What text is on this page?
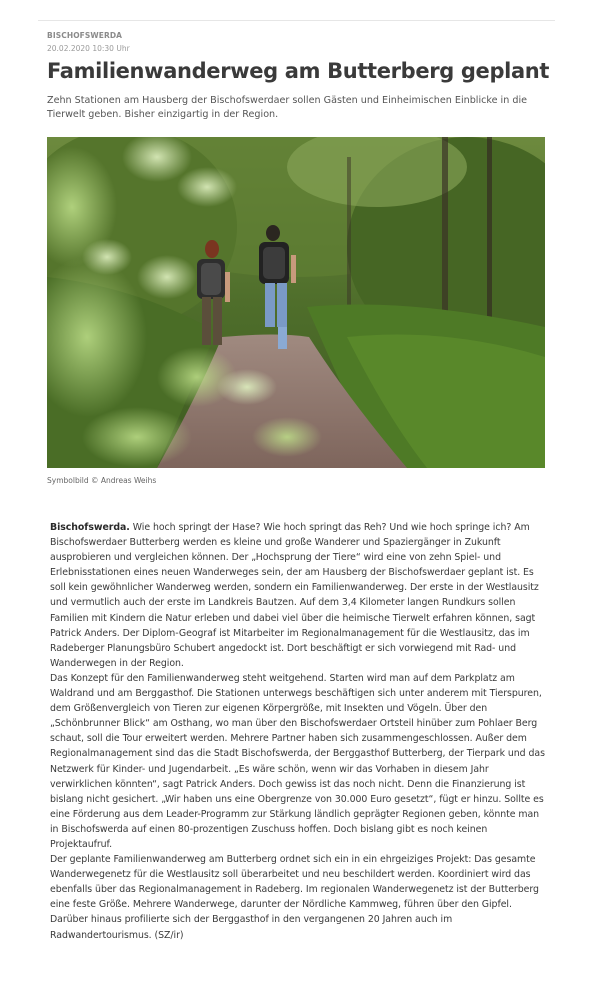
BISCHOFSWERDA
20.02.2020 10:30 Uhr
Familienwanderweg am Butterberg geplant
Zehn Stationen am Hausberg der Bischofswerdaer sollen Gästen und Einheimischen Einblicke in die Tierwelt geben. Bisher einzigartig in der Region.
Symbolbild © Andreas Weihs

Bischofswerda. Wie hoch springt der Hase? Wie hoch springt das Reh? Und wie hoch springe ich? Am Bischofswerdaer Butterberg werden es kleine und große Wanderer und Spaziergänger in Zukunft ausprobieren und vergleichen können. Der „Hochsprung der Tiere“ wird eine von zehn Spiel- und Erlebnisstationen eines neuen Wanderweges sein, der am Hausberg der Bischofswerdaer geplant ist. Es soll kein gewöhnlicher Wanderweg werden, sondern ein Familienwanderweg. Der erste in der Westlausitz und vermutlich auch der erste im Landkreis Bautzen. Auf dem 3,4 Kilometer langen Rundkurs sollen Familien mit Kindern die Natur erleben und dabei viel über die heimische Tierwelt erfahren können, sagt Patrick Anders. Der Diplom-Geograf ist Mitarbeiter im Regionalmanagement für die Westlausitz, das im Radeberger Planungsbüro Schubert angedockt ist. Dort beschäftigt er sich vorwiegend mit Rad- und Wanderwegen in der Region.

Das Konzept für den Familienwanderweg steht weitgehend. Starten wird man auf dem Parkplatz am Waldrand und am Berggasthof. Die Stationen unterwegs beschäftigen sich unter anderem mit Tierspuren, dem Größenvergleich von Tieren zur eigenen Körpergröße, mit Insekten und Vögeln. Über den „Schönbrunner Blick“ am Osthang, wo man über den Bischofswerdaer Ortsteil hinüber zum Pohlaer Berg schaut, soll die Tour erweitert werden. Mehrere Partner haben sich zusammengeschlossen. Außer dem Regionalmanagement sind das die Stadt Bischofswerda, der Berggasthof Butterberg, der Tierpark und das Netzwerk für Kinder- und Jugendarbeit. „Es wäre schön, wenn wir das Vorhaben in diesem Jahr verwirklichen könnten“, sagt Patrick Anders. Doch gewiss ist das noch nicht. Denn die Finanzierung ist bislang nicht gesichert. „Wir haben uns eine Obergrenze von 30.000 Euro gesetzt“, fügt er hinzu. Sollte es eine Förderung aus dem Leader-Programm zur Stärkung ländlich geprägter Regionen geben, könnte man in Bischofswerda auf einen 80-prozentigen Zuschuss hoffen. Doch bislang gibt es noch keinen Projektaufruf.

Der geplante Familienwanderweg am Butterberg ordnet sich ein in ein ehrgeiziges Projekt: Das gesamte Wanderwegenetz für die Westlausitz soll überarbeitet und neu beschildert werden. Koordiniert wird das ebenfalls über das Regionalmanagement in Radeberg. Im regionalen Wanderwegenetz ist der Butterberg eine feste Größe. Mehrere Wanderwege, darunter der Nördliche Kammweg, führen über den Gipfel. Darüber hinaus profilierte sich der Berggasthof in den vergangenen 20 Jahren auch im Radwandertourismus. (SZ/ir)
